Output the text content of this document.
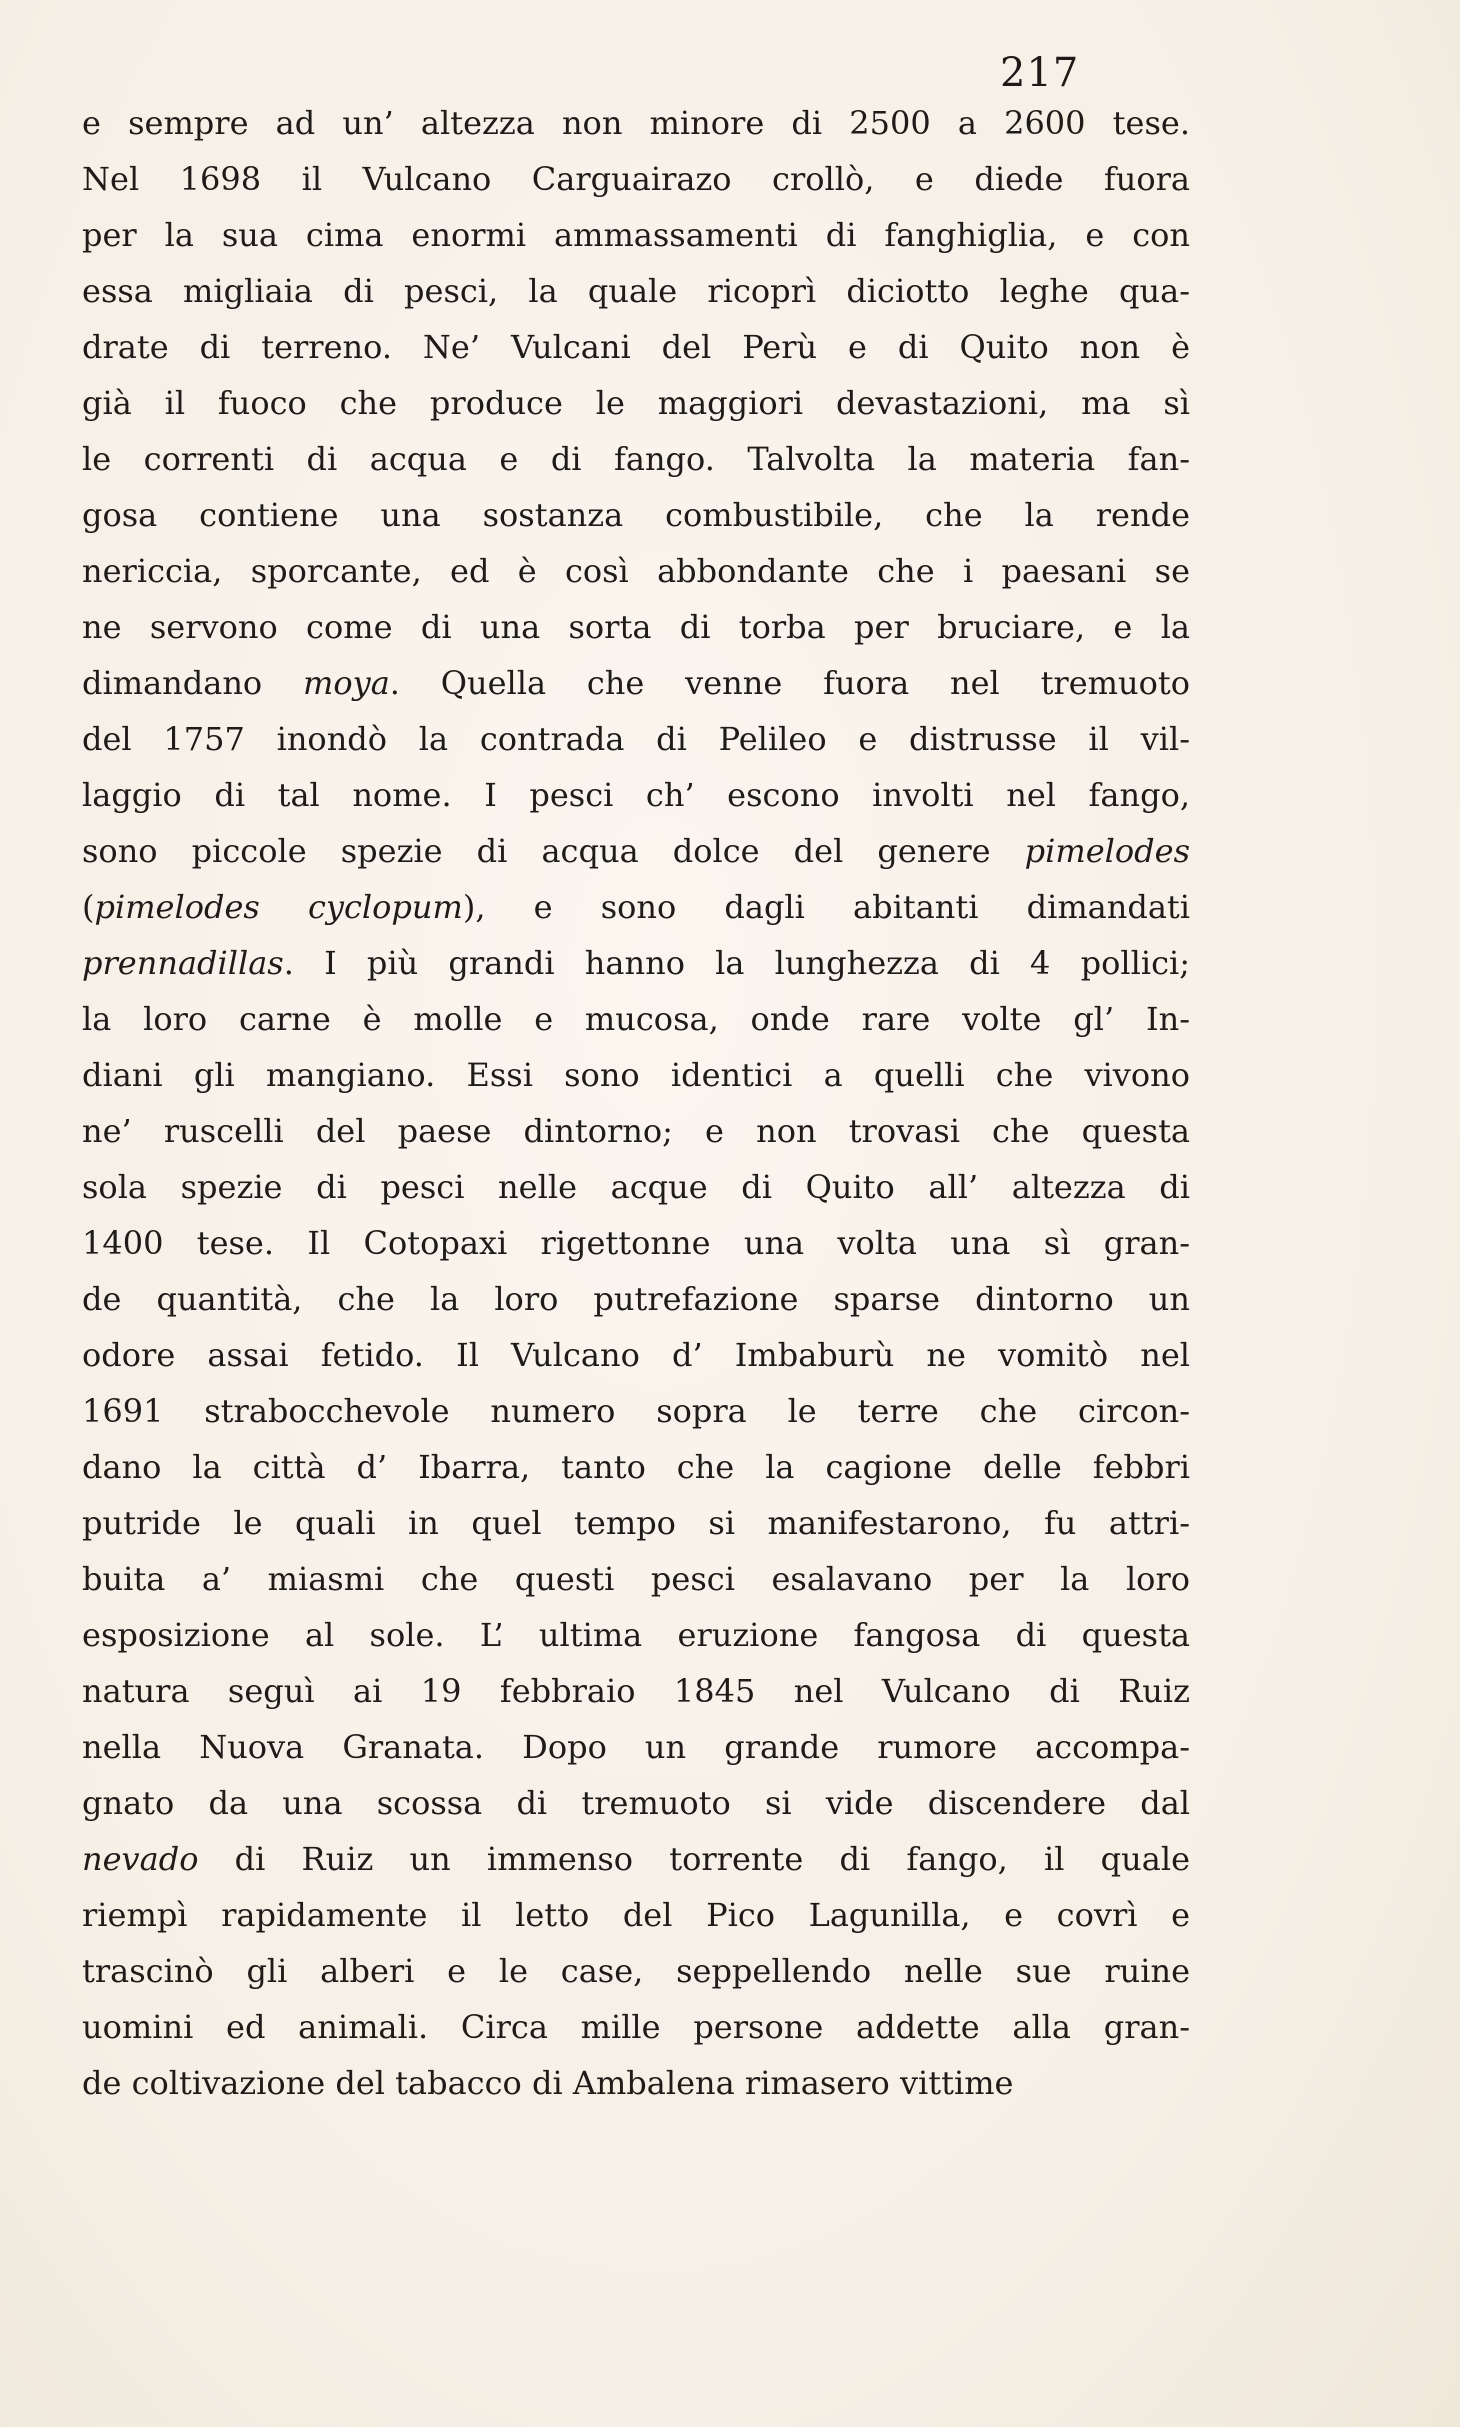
217
e sempre ad un’ altezza non minore di 2500 a 2600 tese.
Nel 1698 il Vulcano Carguairazo crollò, e diede fuora
per la sua cima enormi ammassamenti di fanghiglia, e con
essa migliaia di pesci, la quale ricoprì diciotto leghe qua-
drate di terreno. Ne’ Vulcani del Perù e di Quito non è
già il fuoco che produce le maggiori devastazioni, ma sì
le correnti di acqua e di fango. Talvolta la materia fan-
gosa contiene una sostanza combustibile, che la rende
nericcia, sporcante, ed è così abbondante che i paesani se
ne servono come di una sorta di torba per bruciare, e la
dimandano moya. Quella che venne fuora nel tremuoto
del 1757 inondò la contrada di Pelileo e distrusse il vil-
laggio di tal nome. I pesci ch’ escono involti nel fango,
sono piccole spezie di acqua dolce del genere pimelodes
(pimelodes cyclopum), e sono dagli abitanti dimandati
prennadillas. I più grandi hanno la lunghezza di 4 pollici;
la loro carne è molle e mucosa, onde rare volte gl’ In-
diani gli mangiano. Essi sono identici a quelli che vivono
ne’ ruscelli del paese dintorno; e non trovasi che questa
sola spezie di pesci nelle acque di Quito all’ altezza di
1400 tese. Il Cotopaxi rigettonne una volta una sì gran-
de quantità, che la loro putrefazione sparse dintorno un
odore assai fetido. Il Vulcano d’ Imbaburù ne vomitò nel
1691 strabocchevole numero sopra le terre che circon-
dano la città d’ Ibarra, tanto che la cagione delle febbri
putride le quali in quel tempo si manifestarono, fu attri-
buita a’ miasmi che questi pesci esalavano per la loro
esposizione al sole. L’ ultima eruzione fangosa di questa
natura seguì ai 19 febbraio 1845 nel Vulcano di Ruiz
nella Nuova Granata. Dopo un grande rumore accompa-
gnato da una scossa di tremuoto si vide discendere dal
nevado di Ruiz un immenso torrente di fango, il quale
riempì rapidamente il letto del Pico Lagunilla, e covrì e
trascinò gli alberi e le case, seppellendo nelle sue ruine
uomini ed animali. Circa mille persone addette alla gran-
de coltivazione del tabacco di Ambalena rimasero vittime
